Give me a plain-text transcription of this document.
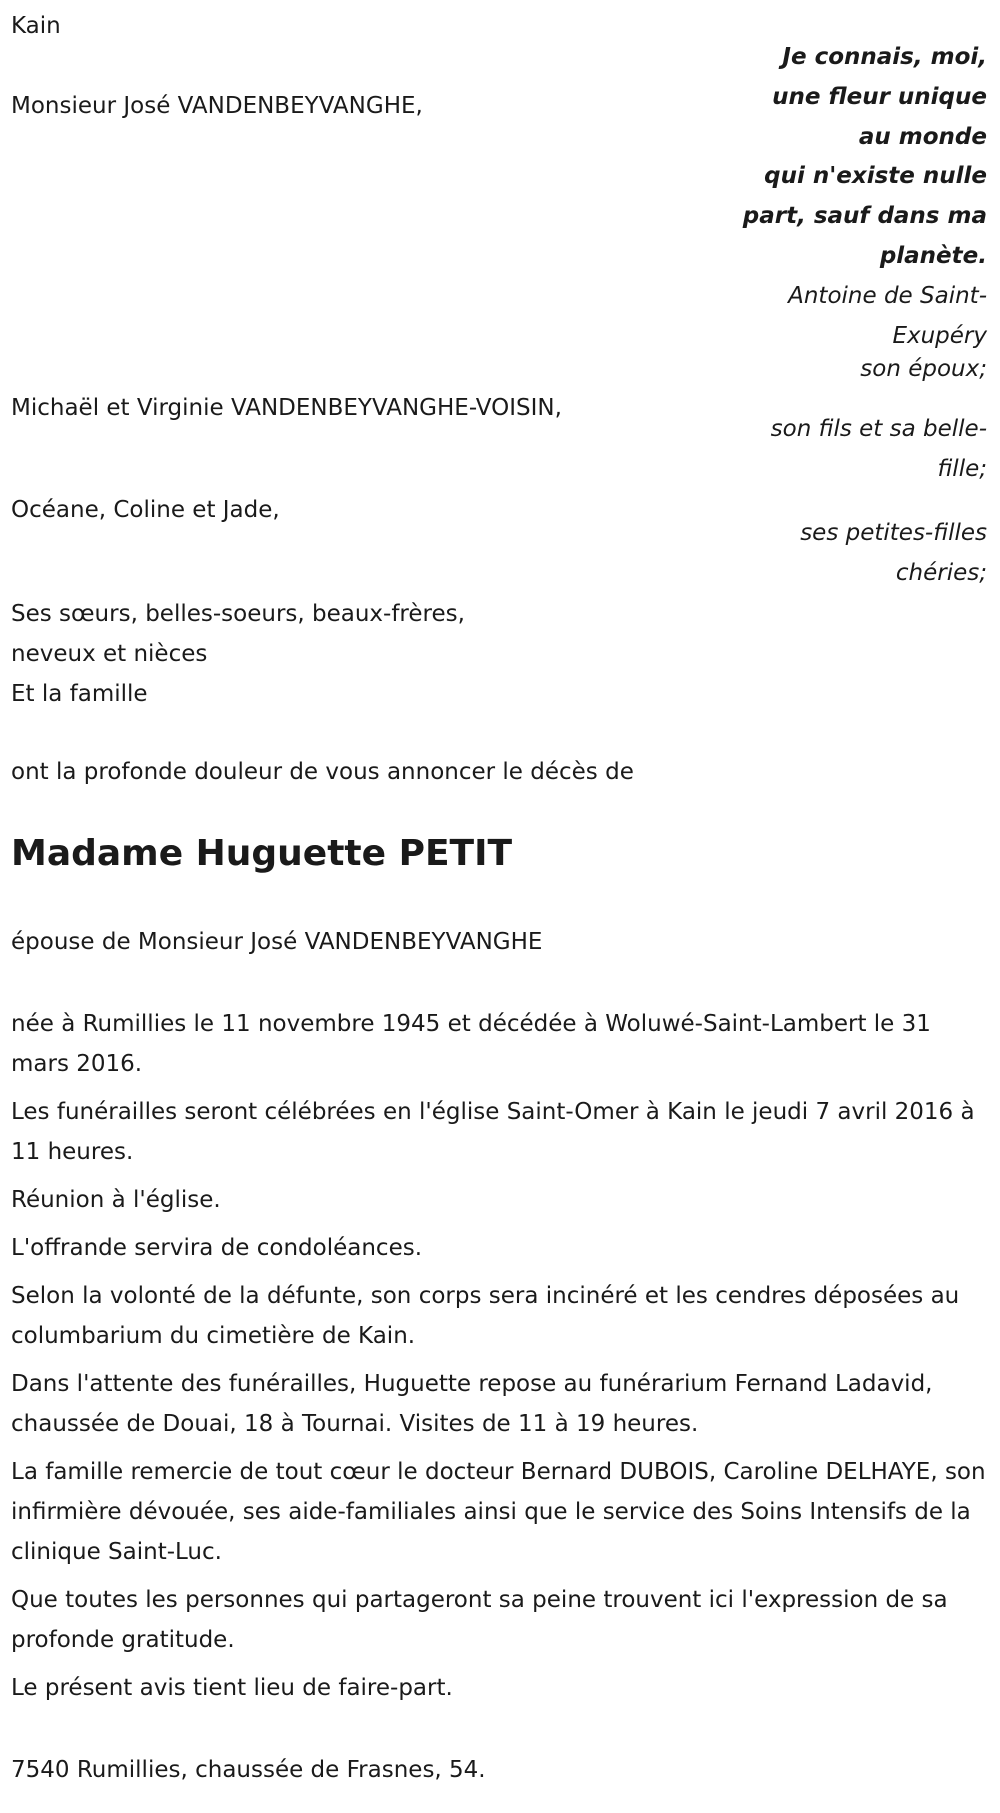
Kain
Je connais, moi,
une fleur unique
au monde
qui n'existe nulle
part, sauf dans ma
planète.
Antoine de Saint-
Exupéry
Monsieur José VANDENBEYVANGHE,
son époux;
Michaël et Virginie VANDENBEYVANGHE-VOISIN,
son fils et sa belle-
fille;
Océane, Coline et Jade,
ses petites-filles
chéries;
Ses sœurs, belles-soeurs, beaux-frères,
neveux et nièces
Et la famille
ont la profonde douleur de vous annoncer le décès de
Madame Huguette PETIT
épouse de Monsieur José VANDENBEYVANGHE

née à Rumillies le 11 novembre 1945 et décédée à Woluwé-Saint-Lambert le 31 mars 2016.

Les funérailles seront célébrées en l'église Saint-Omer à Kain le jeudi 7 avril 2016 à 11 heures.

Réunion à l'église.

L'offrande servira de condoléances.

Selon la volonté de la défunte, son corps sera incinéré et les cendres déposées au columbarium du cimetière de Kain.

Dans l'attente des funérailles, Huguette repose au funérarium Fernand Ladavid, chaussée de Douai, 18 à Tournai. Visites de 11 à 19 heures.

La famille remercie de tout cœur le docteur Bernard DUBOIS, Caroline DELHAYE, son infirmière dévouée, ses aide-familiales ainsi que le service des Soins Intensifs de la clinique Saint-Luc.

Que toutes les personnes qui partageront sa peine trouvent ici l'expression de sa profonde gratitude.

Le présent avis tient lieu de faire-part.

7540 Rumillies, chaussée de Frasnes, 54.
